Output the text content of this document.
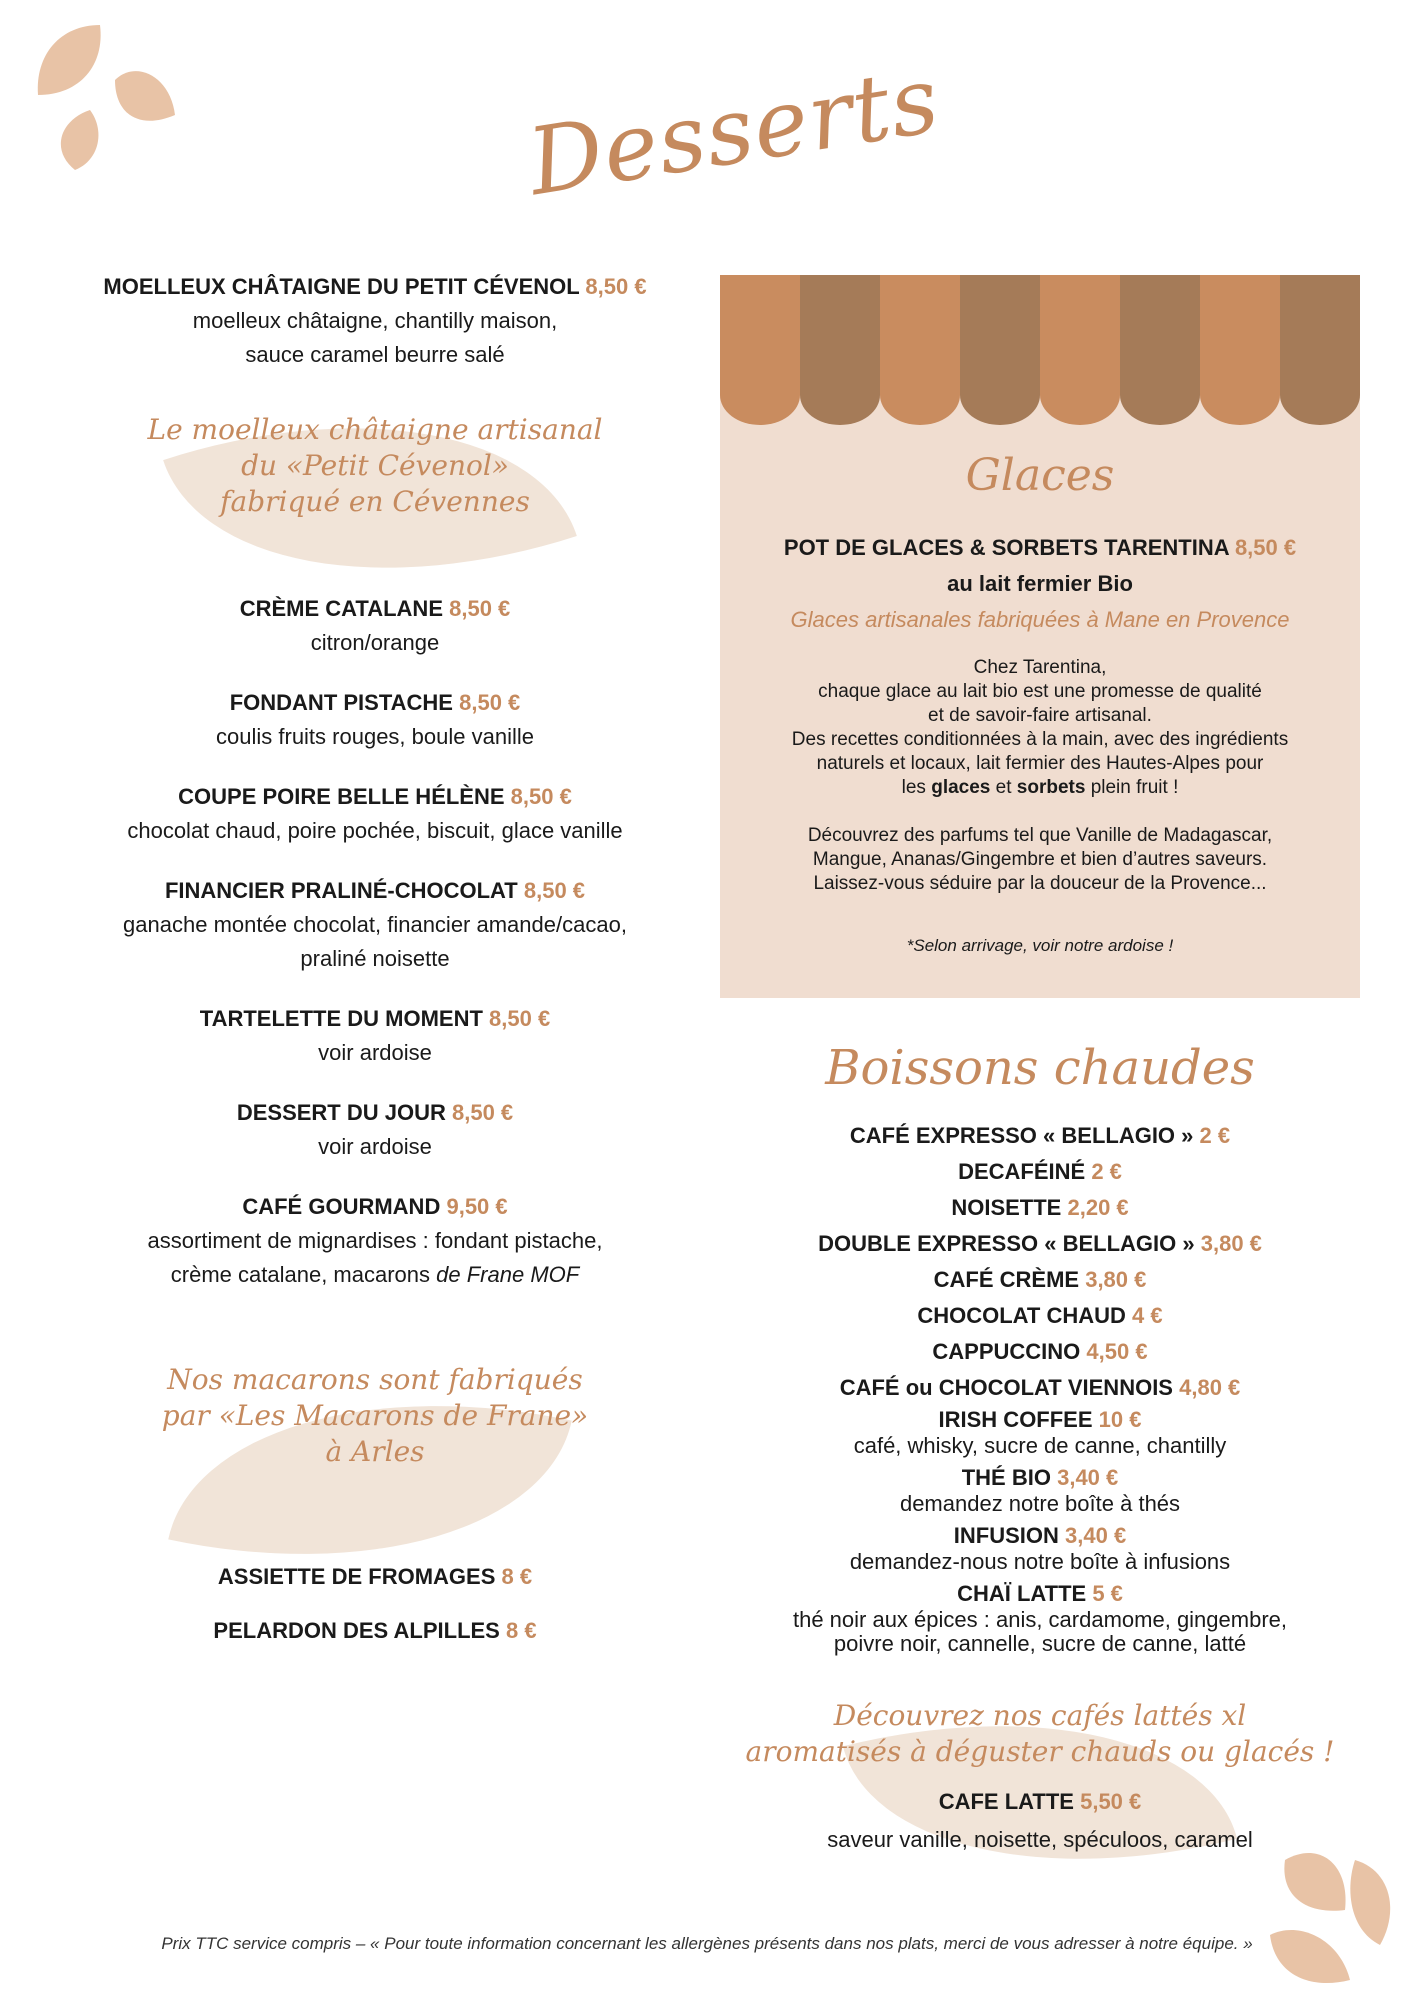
Desserts
MOELLEUX CHÂTAIGNE DU PETIT CÉVENOL 8,50 €
moelleux châtaigne, chantilly maison,
sauce caramel beurre salé
Le moelleux châtaigne artisanal
du «Petit Cévenol»
fabriqué en Cévennes
CRÈME CATALANE 8,50 €
citron/orange
FONDANT PISTACHE 8,50 €
coulis fruits rouges, boule vanille
COUPE POIRE BELLE HÉLÈNE 8,50 €
chocolat chaud, poire pochée, biscuit, glace vanille
FINANCIER PRALINÉ-CHOCOLAT 8,50 €
ganache montée chocolat, financier amande/cacao,
praliné noisette
TARTELETTE DU MOMENT 8,50 €
voir ardoise
DESSERT DU JOUR 8,50 €
voir ardoise
CAFÉ GOURMAND 9,50 €
assortiment de mignardises : fondant pistache,
crème catalane, macarons de Frane MOF
Nos macarons sont fabriqués
par «Les Macarons de Frane»
à Arles
ASSIETTE DE FROMAGES 8 €
PELARDON DES ALPILLES 8 €
Glaces
POT DE GLACES & SORBETS TARENTINA 8,50 €
au lait fermier Bio
Glaces artisanales fabriquées à Mane en Provence

Chez Tarentina,

chaque glace au lait bio est une promesse de qualité

et de savoir-faire artisanal.

Des recettes conditionnées à la main, avec des ingrédients

naturels et locaux, lait fermier des Hautes-Alpes pour

les glaces et sorbets plein fruit !

Découvrez des parfums tel que Vanille de Madagascar,

Mangue, Ananas/Gingembre et bien d’autres saveurs.

Laissez-vous séduire par la douceur de la Provence...

*Selon arrivage, voir notre ardoise !
Boissons chaudes
CAFÉ EXPRESSO « BELLAGIO » 2 €
DECAFÉINÉ 2 €
NOISETTE 2,20 €
DOUBLE EXPRESSO « BELLAGIO » 3,80 €
CAFÉ CRÈME 3,80 €
CHOCOLAT CHAUD 4 €
CAPPUCCINO 4,50 €
CAFÉ ou CHOCOLAT VIENNOIS 4,80 €
IRISH COFFEE 10 €
café, whisky, sucre de canne, chantilly
THÉ BIO 3,40 €
demandez notre boîte à thés
INFUSION 3,40 €
demandez-nous notre boîte à infusions
CHAÏ LATTE 5 €
thé noir aux épices : anis, cardamome, gingembre,
poivre noir, cannelle, sucre de canne, latté
Découvrez nos cafés lattés xl
aromatisés à déguster chauds ou glacés !
CAFE LATTE 5,50 €
saveur vanille, noisette, spéculoos, caramel
Prix TTC service compris – « Pour toute information concernant les allergènes présents dans nos plats, merci de vous adresser à notre équipe. »
